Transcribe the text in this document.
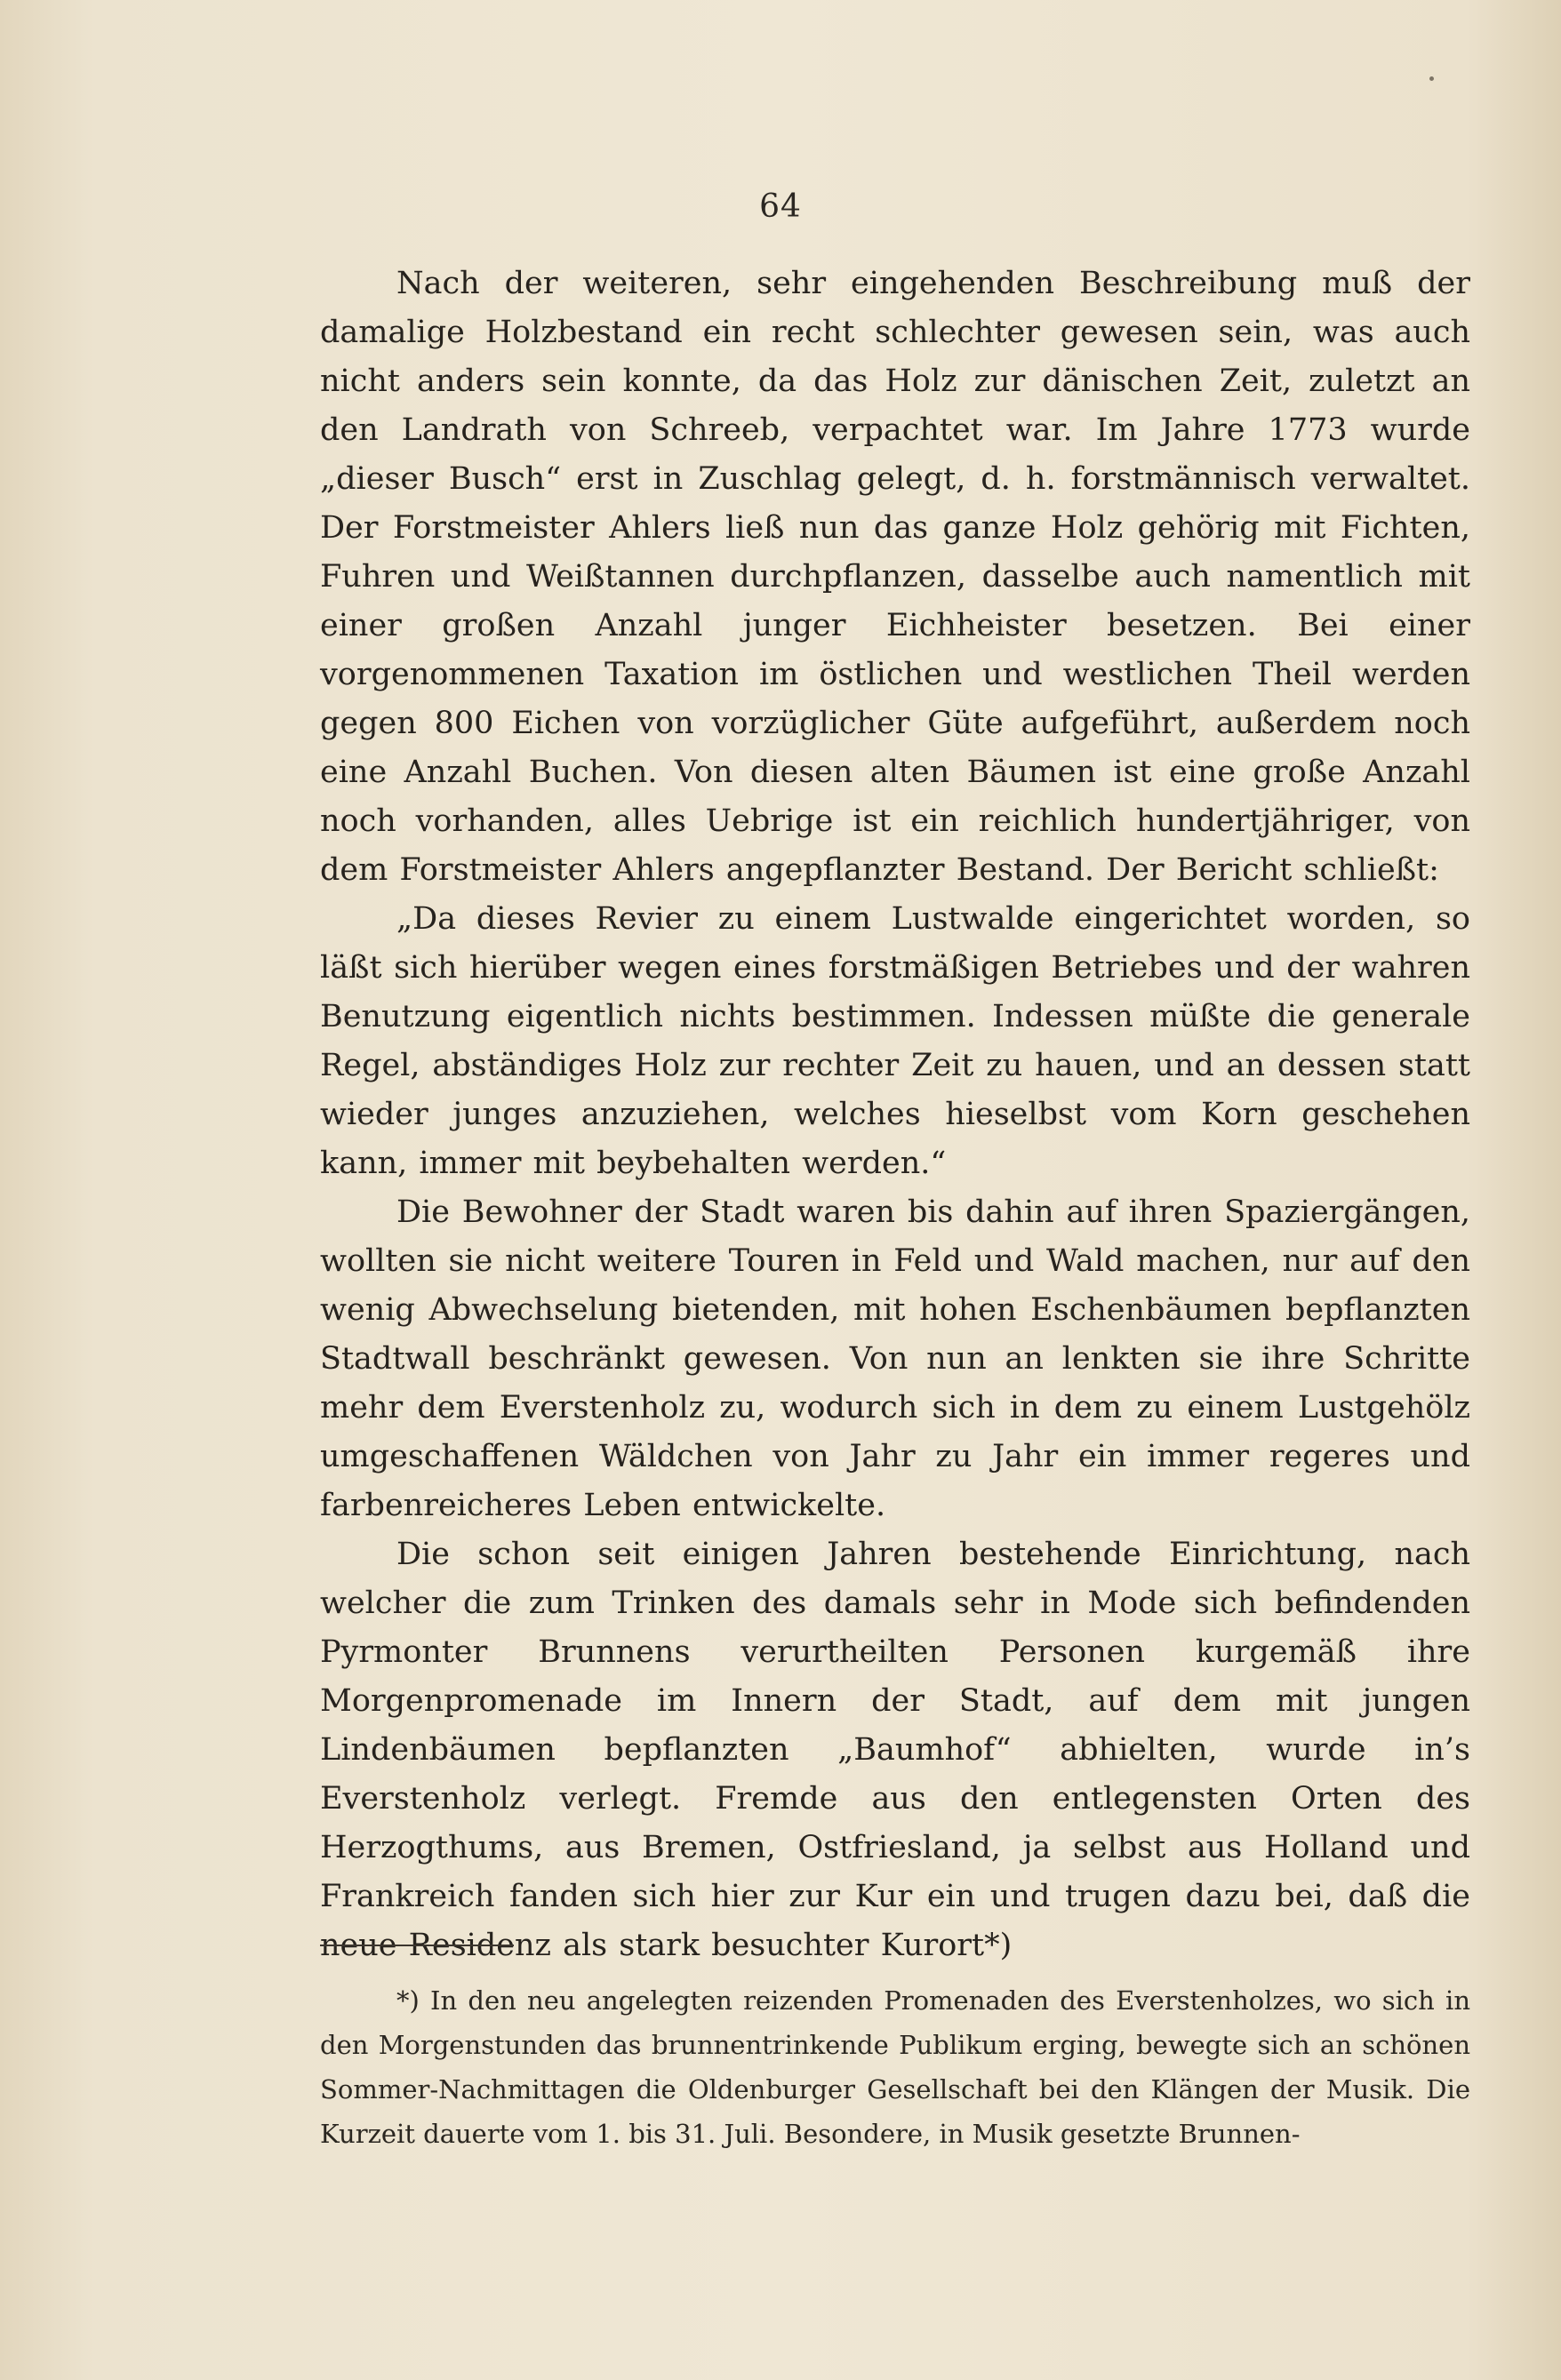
64

Nach der weiteren, sehr eingehenden Beschreibung muß der damalige Holzbestand ein recht schlechter gewesen sein, was auch nicht anders sein konnte, da das Holz zur dänischen Zeit, zuletzt an den Landrath von Schreeb, verpachtet war. Im Jahre 1773 wurde „dieser Busch“ erst in Zuschlag gelegt, d. h. forstmännisch verwaltet. Der Forstmeister Ahlers ließ nun das ganze Holz gehörig mit Fichten, Fuhren und Weißtannen durchpflanzen, dasselbe auch namentlich mit einer großen Anzahl junger Eichheister besetzen. Bei einer vorgenommenen Taxation im östlichen und westlichen Theil werden gegen 800 Eichen von vorzüglicher Güte aufgeführt, außerdem noch eine Anzahl Buchen. Von diesen alten Bäumen ist eine große Anzahl noch vorhanden, alles Uebrige ist ein reichlich hundertjähriger, von dem Forstmeister Ahlers angepflanzter Bestand. Der Bericht schließt:

„Da dieses Revier zu einem Lustwalde eingerichtet worden, so läßt sich hierüber wegen eines forstmäßigen Betriebes und der wahren Benutzung eigentlich nichts bestimmen. Indessen müßte die generale Regel, abständiges Holz zur rechter Zeit zu hauen, und an dessen statt wieder junges anzuziehen, welches hieselbst vom Korn geschehen kann, immer mit beybehalten werden.“

Die Bewohner der Stadt waren bis dahin auf ihren Spaziergängen, wollten sie nicht weitere Touren in Feld und Wald machen, nur auf den wenig Abwechselung bietenden, mit hohen Eschenbäumen bepflanzten Stadtwall beschränkt gewesen. Von nun an lenkten sie ihre Schritte mehr dem Everstenholz zu, wodurch sich in dem zu einem Lustgehölz umgeschaffenen Wäldchen von Jahr zu Jahr ein immer regeres und farbenreicheres Leben entwickelte.

Die schon seit einigen Jahren bestehende Einrichtung, nach welcher die zum Trinken des damals sehr in Mode sich befindenden Pyrmonter Brunnens verurtheilten Personen kurgemäß ihre Morgenpromenade im Innern der Stadt, auf dem mit jungen Lindenbäumen bepflanzten „Baumhof“ abhielten, wurde in’s Everstenholz verlegt. Fremde aus den entlegensten Orten des Herzogthums, aus Bremen, Ostfriesland, ja selbst aus Holland und Frankreich fanden sich hier zur Kur ein und trugen dazu bei, daß die neue Residenz als stark besuchter Kurort*)

*) In den neu angelegten reizenden Promenaden des Everstenholzes, wo sich in den Morgenstunden das brunnentrinkende Publikum erging, bewegte sich an schönen Sommer-Nachmittagen die Oldenburger Gesellschaft bei den Klängen der Musik. Die Kurzeit dauerte vom 1. bis 31. Juli. Besondere, in Musik gesetzte Brunnen-
